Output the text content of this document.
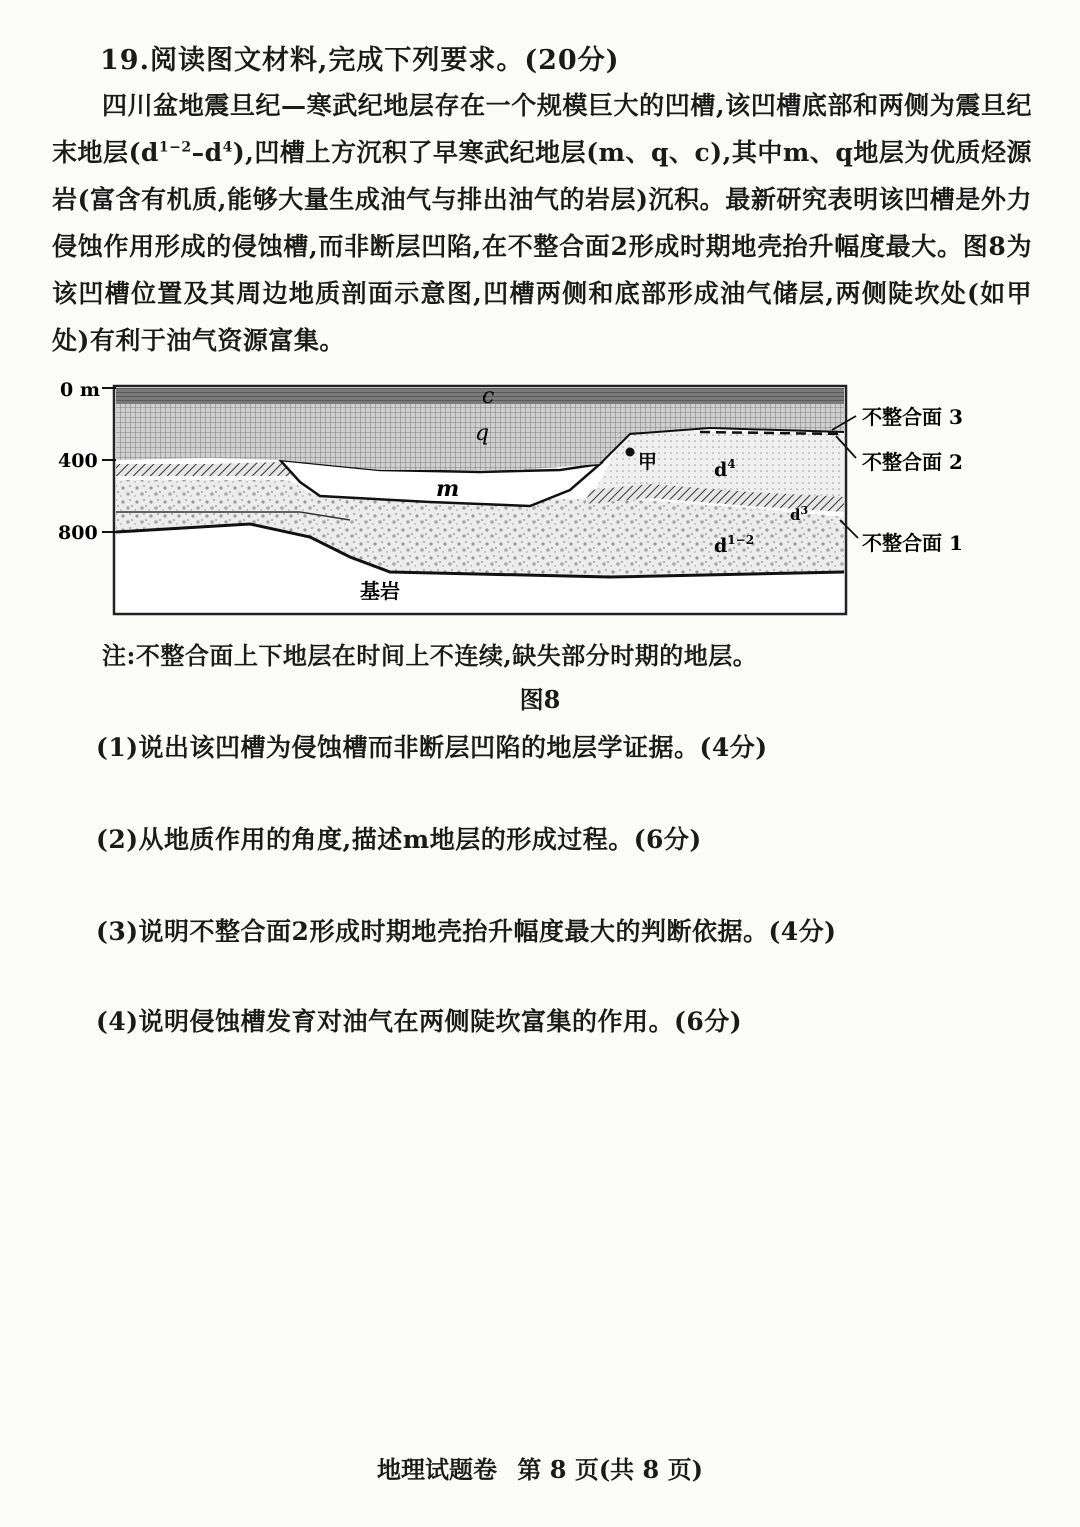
19.阅读图文材料,完成下列要求。(20分)

四川盆地震旦纪—寒武纪地层存在一个规模巨大的凹槽,该凹槽底部和两侧为震旦纪末地层$(d^{1-2}-d^4)$,凹槽上方沉积了早寒武纪地层(m、q、c),其中m、q地层为优质烃源岩(富含有机质,能够大量生成油气与排出油气的岩层)沉积。最新研究表明该凹槽是外力侵蚀作用形成的侵蚀槽,而非断层凹陷,在不整合面2形成时期地壳抬升幅度最大。图8为该凹槽位置及其周边地质剖面示意图,凹槽两侧和底部形成油气储层,两侧陡坎处(如甲处)有利于油气资源富集。

0 m
400
800
c
q
m
甲	$d^4$
$d^3$
$d^{1-2}$
基岩
不整合面 3
不整合面 2
不整合面 1
注:不整合面上下地层在时间上不连续,缺失部分时期的地层。
图8
(1)说出该凹槽为侵蚀槽而非断层凹陷的地层学证据。(4分)
(2)从地质作用的角度,描述m地层的形成过程。(6分)
(3)说明不整合面2形成时期地壳抬升幅度最大的判断依据。(4分)
(4)说明侵蚀槽发育对油气在两侧陡坎富集的作用。(6分)
地理试题卷 第 8 页(共 8 页)
